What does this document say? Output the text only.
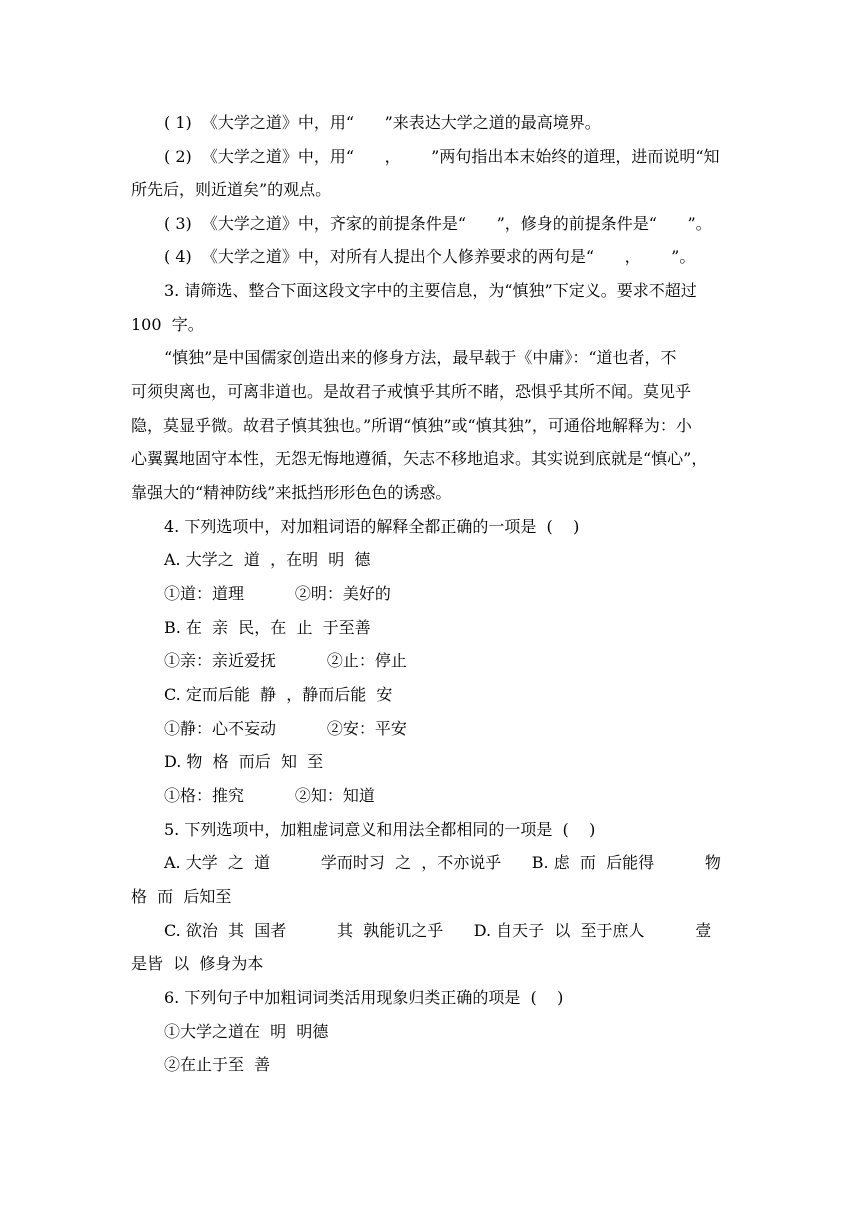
( 1)  《大学之道》中，用“      ”来表达大学之道的最高境界。
( 2)  《大学之道》中，用“      ，      ”两句指出本末始终的道理，进而说明“知
所先后，则近道矣”的观点。
( 3)  《大学之道》中，齐家的前提条件是“      ”，修身的前提条件是“      ”。
( 4)  《大学之道》中，对所有人提出个人修养要求的两句是“      ，      ”。
3. 请筛选、整合下面这段文字中的主要信息，为“慎独”下定义。要求不超过
100  字。
“慎独”是中国儒家创造出来的修身方法，最早载于《中庸》：“道也者，不
可须臾离也，可离非道也。是故君子戒慎乎其所不睹，恐惧乎其所不闻。莫见乎
隐，莫显乎微。故君子慎其独也。”所谓“慎独”或“慎其独”，可通俗地解释为：小
心翼翼地固守本性，无怨无悔地遵循，矢志不移地追求。其实说到底就是“慎心”，
靠强大的“精神防线”来抵挡形形色色的诱惑。
4. 下列选项中，对加粗词语的解释全都正确的一项是  (    )
A. 大学之  道  ，在明  明  德
①道：道理          ②明：美好的
B. 在  亲  民，在  止  于至善
①亲：亲近爱抚          ②止：停止
C. 定而后能  静  ，静而后能  安
①静：心不妄动          ②安：平安
D. 物  格  而后  知  至
①格：推究          ②知：知道
5. 下列选项中，加粗虚词意义和用法全都相同的一项是  (    )
A. 大学  之  道          学而时习  之  ，不亦说乎      B. 虑  而  后能得          物
格  而  后知至
C. 欲治  其  国者          其  孰能讥之乎      D. 自天子  以  至于庶人          壹
是皆  以  修身为本
6. 下列句子中加粗词词类活用现象归类正确的项是  (    )
①大学之道在  明  明德
②在止于至  善
